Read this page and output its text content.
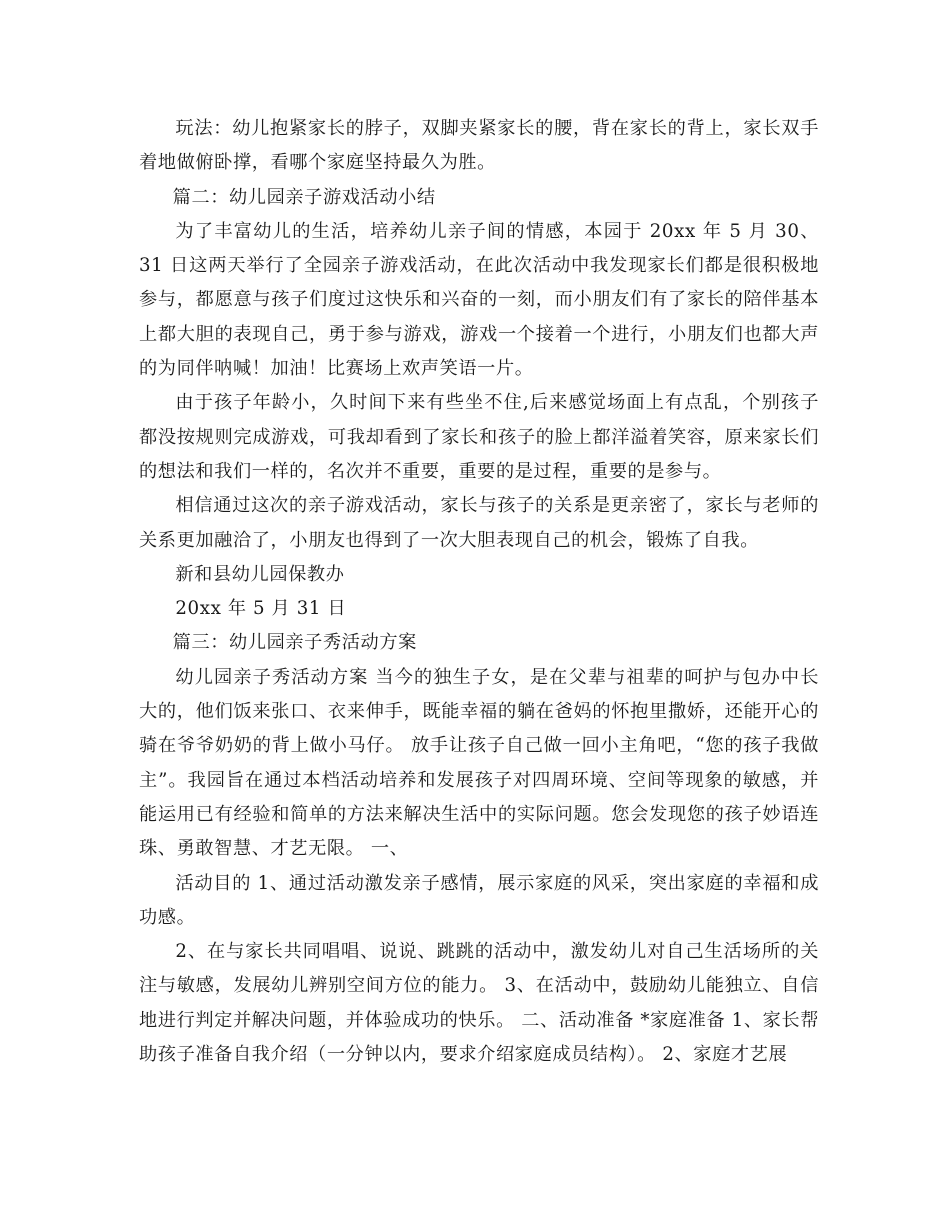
玩法：幼儿抱紧家长的脖子，双脚夹紧家长的腰，背在家长的背上，家长双手着地做俯卧撑，看哪个家庭坚持最久为胜。

篇二：幼儿园亲子游戏活动小结

为了丰富幼儿的生活，培养幼儿亲子间的情感，本园于 20xx 年 5 月 30、31 日这两天举行了全园亲子游戏活动，在此次活动中我发现家长们都是很积极地参与，都愿意与孩子们度过这快乐和兴奋的一刻，而小朋友们有了家长的陪伴基本上都大胆的表现自己，勇于参与游戏，游戏一个接着一个进行，小朋友们也都大声的为同伴呐喊！加油！比赛场上欢声笑语一片。

由于孩子年龄小，久时间下来有些坐不住,后来感觉场面上有点乱，个别孩子都没按规则完成游戏，可我却看到了家长和孩子的脸上都洋溢着笑容，原来家长们的想法和我们一样的，名次并不重要，重要的是过程，重要的是参与。

相信通过这次的亲子游戏活动，家长与孩子的关系是更亲密了，家长与老师的关系更加融洽了，小朋友也得到了一次大胆表现自己的机会，锻炼了自我。

新和县幼儿园保教办

20xx 年 5 月 31 日

篇三：幼儿园亲子秀活动方案

幼儿园亲子秀活动方案 当今的独生子女，是在父辈与祖辈的呵护与包办中长大的，他们饭来张口、衣来伸手，既能幸福的躺在爸妈的怀抱里撒娇，还能开心的骑在爷爷奶奶的背上做小马仔。 放手让孩子自己做一回小主角吧，“您的孩子我做主”。我园旨在通过本档活动培养和发展孩子对四周环境、空间等现象的敏感，并能运用已有经验和简单的方法来解决生活中的实际问题。您会发现您的孩子妙语连珠、勇敢智慧、才艺无限。 一、

活动目的 1、通过活动激发亲子感情，展示家庭的风采，突出家庭的幸福和成功感。

2、在与家长共同唱唱、说说、跳跳的活动中，激发幼儿对自己生活场所的关注与敏感，发展幼儿辨别空间方位的能力。 3、在活动中，鼓励幼儿能独立、自信地进行判定并解决问题，并体验成功的快乐。 二、活动准备 *家庭准备 1、家长帮助孩子准备自我介绍（一分钟以内，要求介绍家庭成员结构）。 2、家庭才艺展
